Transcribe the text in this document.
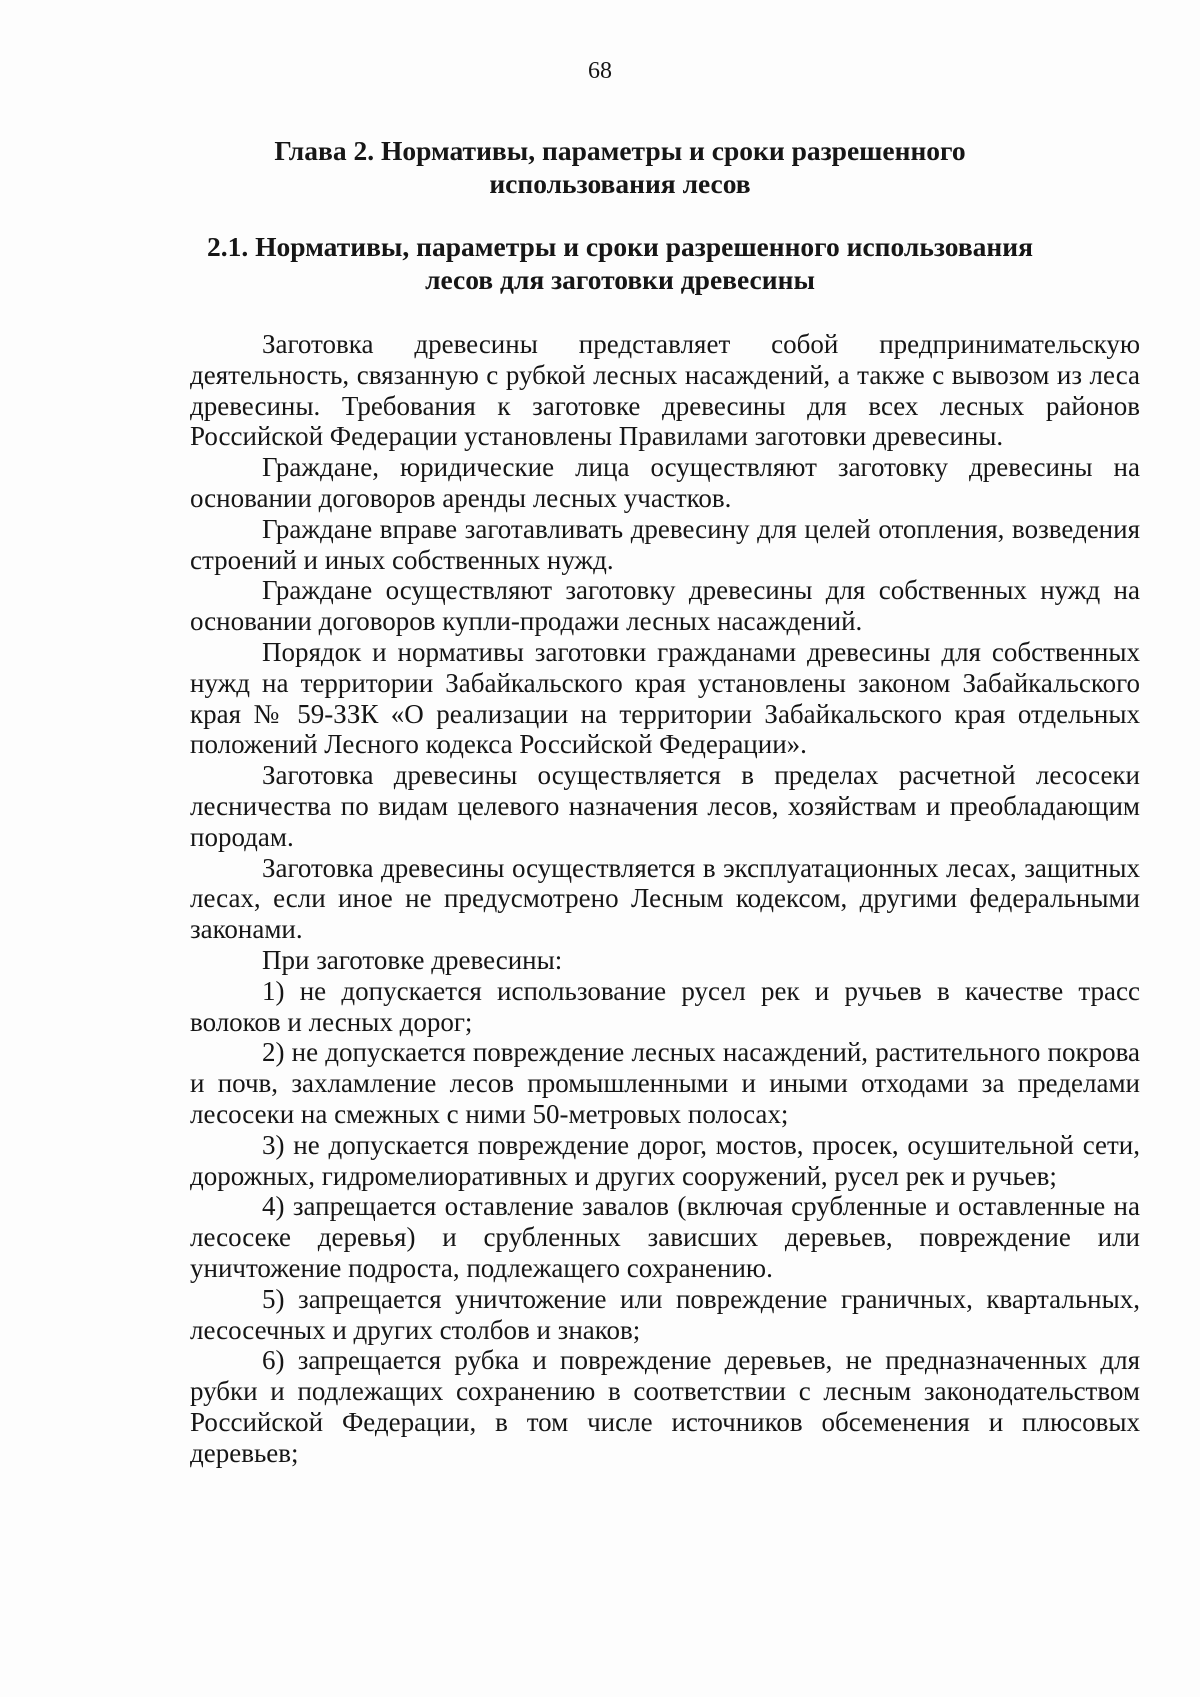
68
Глава 2. Нормативы, параметры и сроки разрешенного использования лесов
2.1. Нормативы, параметры и сроки разрешенного использования лесов для заготовки древесины

Заготовка древесины представляет собой предпринимательскую деятельность, связанную с рубкой лесных насаждений, а также с вывозом из леса древесины. Требования к заготовке древесины для всех лесных районов Российской Федерации установлены Правилами заготовки древесины.

Граждане, юридические лица осуществляют заготовку древесины на основании договоров аренды лесных участков.

Граждане вправе заготавливать древесину для целей отопления, возведения строений и иных собственных нужд.

Граждане осуществляют заготовку древесины для собственных нужд на основании договоров купли-продажи лесных насаждений.

Порядок и нормативы заготовки гражданами древесины для собственных нужд на территории Забайкальского края установлены законом Забайкальского края № 59-ЗЗК «О реализации на территории Забайкальского края отдельных положений Лесного кодекса Российской Федерации».

Заготовка древесины осуществляется в пределах расчетной лесосеки лесничества по видам целевого назначения лесов, хозяйствам и преобладающим породам.

Заготовка древесины осуществляется в эксплуатационных лесах, защитных лесах, если иное не предусмотрено Лесным кодексом, другими федеральными законами.

При заготовке древесины:

1) не допускается использование русел рек и ручьев в качестве трасс волоков и лесных дорог;

2) не допускается повреждение лесных насаждений, растительного покрова и почв, захламление лесов промышленными и иными отходами за пределами лесосеки на смежных с ними 50-метровых полосах;

3) не допускается повреждение дорог, мостов, просек, осушительной сети, дорожных, гидромелиоративных и других сооружений, русел рек и ручьев;

4) запрещается оставление завалов (включая срубленные и оставленные на лесосеке деревья) и срубленных зависших деревьев, повреждение или уничтожение подроста, подлежащего сохранению.

5) запрещается уничтожение или повреждение граничных, квартальных, лесосечных и других столбов и знаков;

6) запрещается рубка и повреждение деревьев, не предназначенных для рубки и подлежащих сохранению в соответствии с лесным законодательством Российской Федерации, в том числе источников обсеменения и плюсовых деревьев;
